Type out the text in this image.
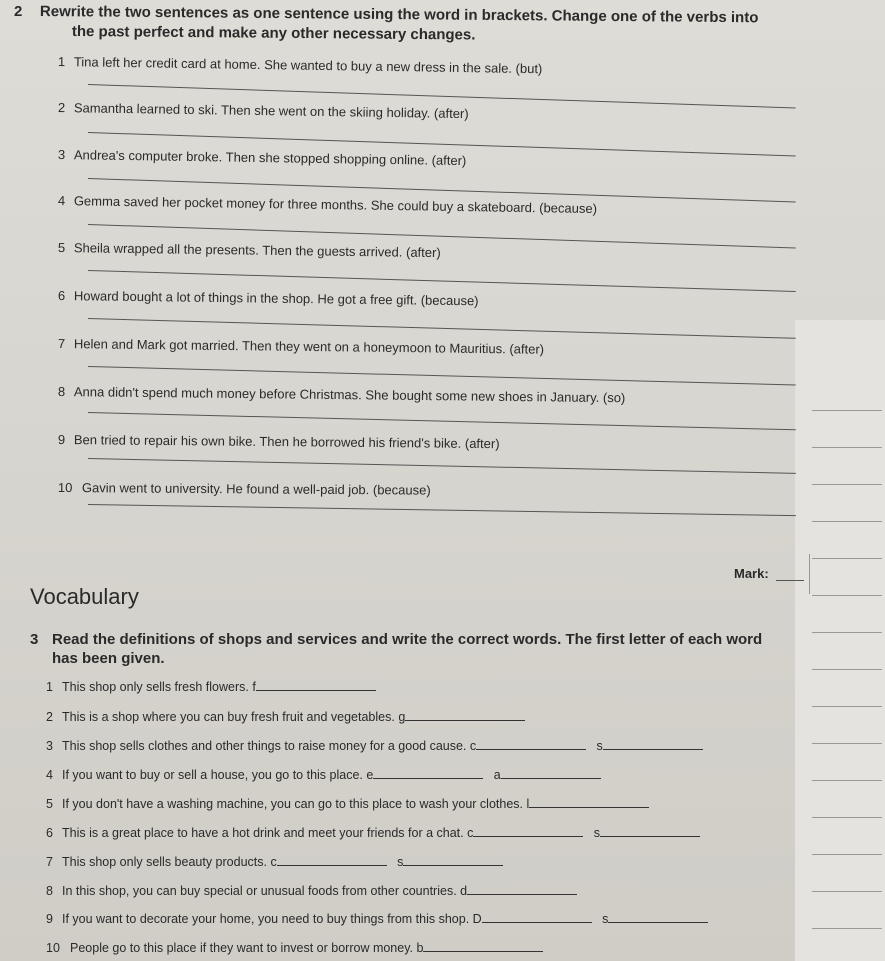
2 Rewrite the two sentences as one sentence using the word in brackets. Change one of the verbs into
the past perfect and make any other necessary changes.
1 Tina left her credit card at home. She wanted to buy a new dress in the sale. (but)
2 Samantha learned to ski. Then she went on the skiing holiday. (after)
3 Andrea's computer broke. Then she stopped shopping online. (after)
4 Gemma saved her pocket money for three months. She could buy a skateboard. (because)
5 Sheila wrapped all the presents. Then the guests arrived. (after)
6 Howard bought a lot of things in the shop. He got a free gift. (because)
7 Helen and Mark got married. Then they went on a honeymoon to Mauritius. (after)
8 Anna didn't spend much money before Christmas. She bought some new shoes in January. (so)
9 Ben tried to repair his own bike. Then he borrowed his friend's bike. (after)
10 Gavin went to university. He found a well-paid job. (because)
Mark:
Vocabulary
3 Read the definitions of shops and services and write the correct words. The first letter of each word
has been given.
1 This shop only sells fresh flowers. f
2 This is a shop where you can buy fresh fruit and vegetables. g
3 This shop sells clothes and other things to raise money for a good cause. c	s
4 If you want to buy or sell a house, you go to this place. e	a
5 If you don't have a washing machine, you can go to this place to wash your clothes. l
6 This is a great place to have a hot drink and meet your friends for a chat. c	s
7 This shop only sells beauty products. c	s
8 In this shop, you can buy special or unusual foods from other countries. d
9 If you want to decorate your home, you need to buy things from this shop. D	s
10 People go to this place if they want to invest or borrow money. b
